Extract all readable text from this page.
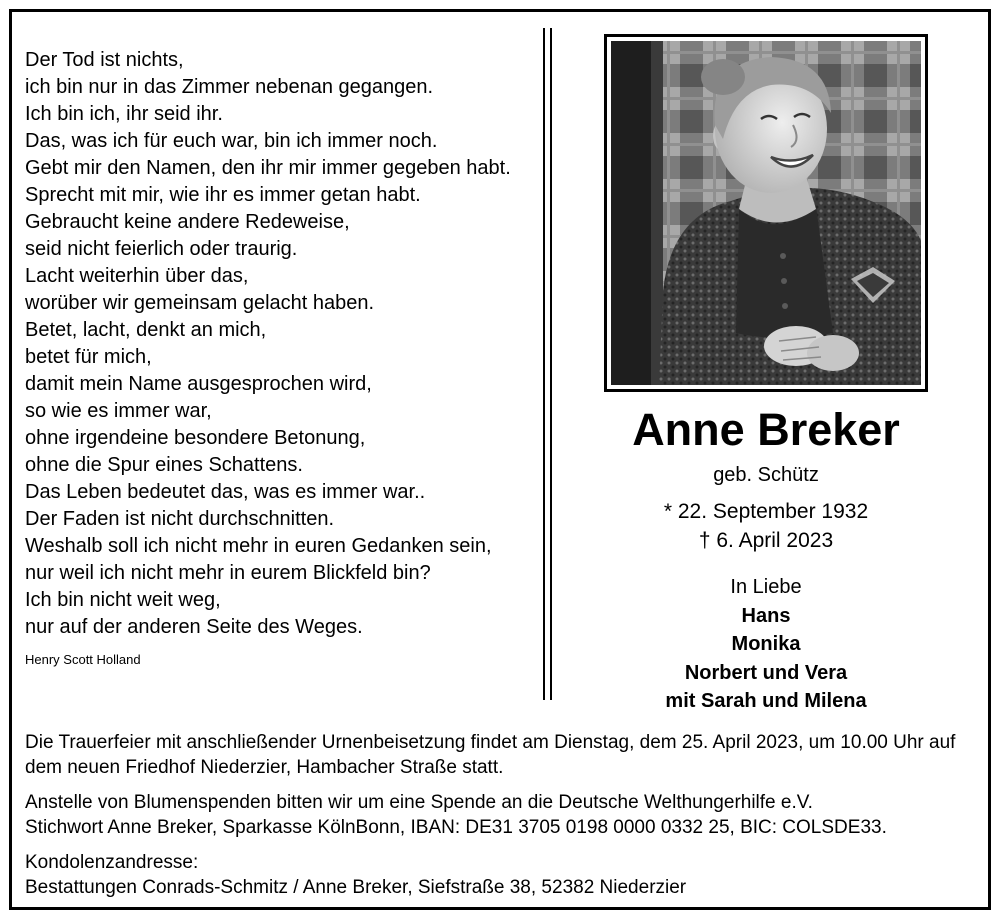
Der Tod ist nichts,
ich bin nur in das Zimmer nebenan gegangen.
Ich bin ich, ihr seid ihr.
Das, was ich für euch war, bin ich immer noch.
Gebt mir den Namen, den ihr mir immer gegeben habt.
Sprecht mit mir, wie ihr es immer getan habt.
Gebraucht keine andere Redeweise,
seid nicht feierlich oder traurig.
Lacht weiterhin über das,
worüber wir gemeinsam gelacht haben.
Betet, lacht, denkt an mich,
betet für mich,
damit mein Name ausgesprochen wird,
so wie es immer war,
ohne irgendeine besondere Betonung,
ohne die Spur eines Schattens.
Das Leben bedeutet das, was es immer war..
Der Faden ist nicht durchschnitten.
Weshalb soll ich nicht mehr in euren Gedanken sein,
nur weil ich nicht mehr in eurem Blickfeld bin?
Ich bin nicht weit weg,
nur auf der anderen Seite des Weges.
Henry Scott Holland
Anne Breker
geb. Schütz
* 22. September 1932
† 6. April 2023
In Liebe
Hans
Monika
Norbert und Vera
mit Sarah und Milena
Die Trauerfeier mit anschließender Urnenbeisetzung findet am Dienstag, dem 25. April 2023, um 10.00 Uhr auf
dem neuen Friedhof Niederzier, Hambacher Straße statt.
Anstelle von Blumenspenden bitten wir um eine Spende an die Deutsche Welthungerhilfe e.V.
Stichwort Anne Breker, Sparkasse KölnBonn, IBAN: DE31 3705 0198 0000 0332 25, BIC: COLSDE33.
Kondolenzandresse:
Bestattungen Conrads-Schmitz / Anne Breker, Siefstraße 38, 52382 Niederzier
